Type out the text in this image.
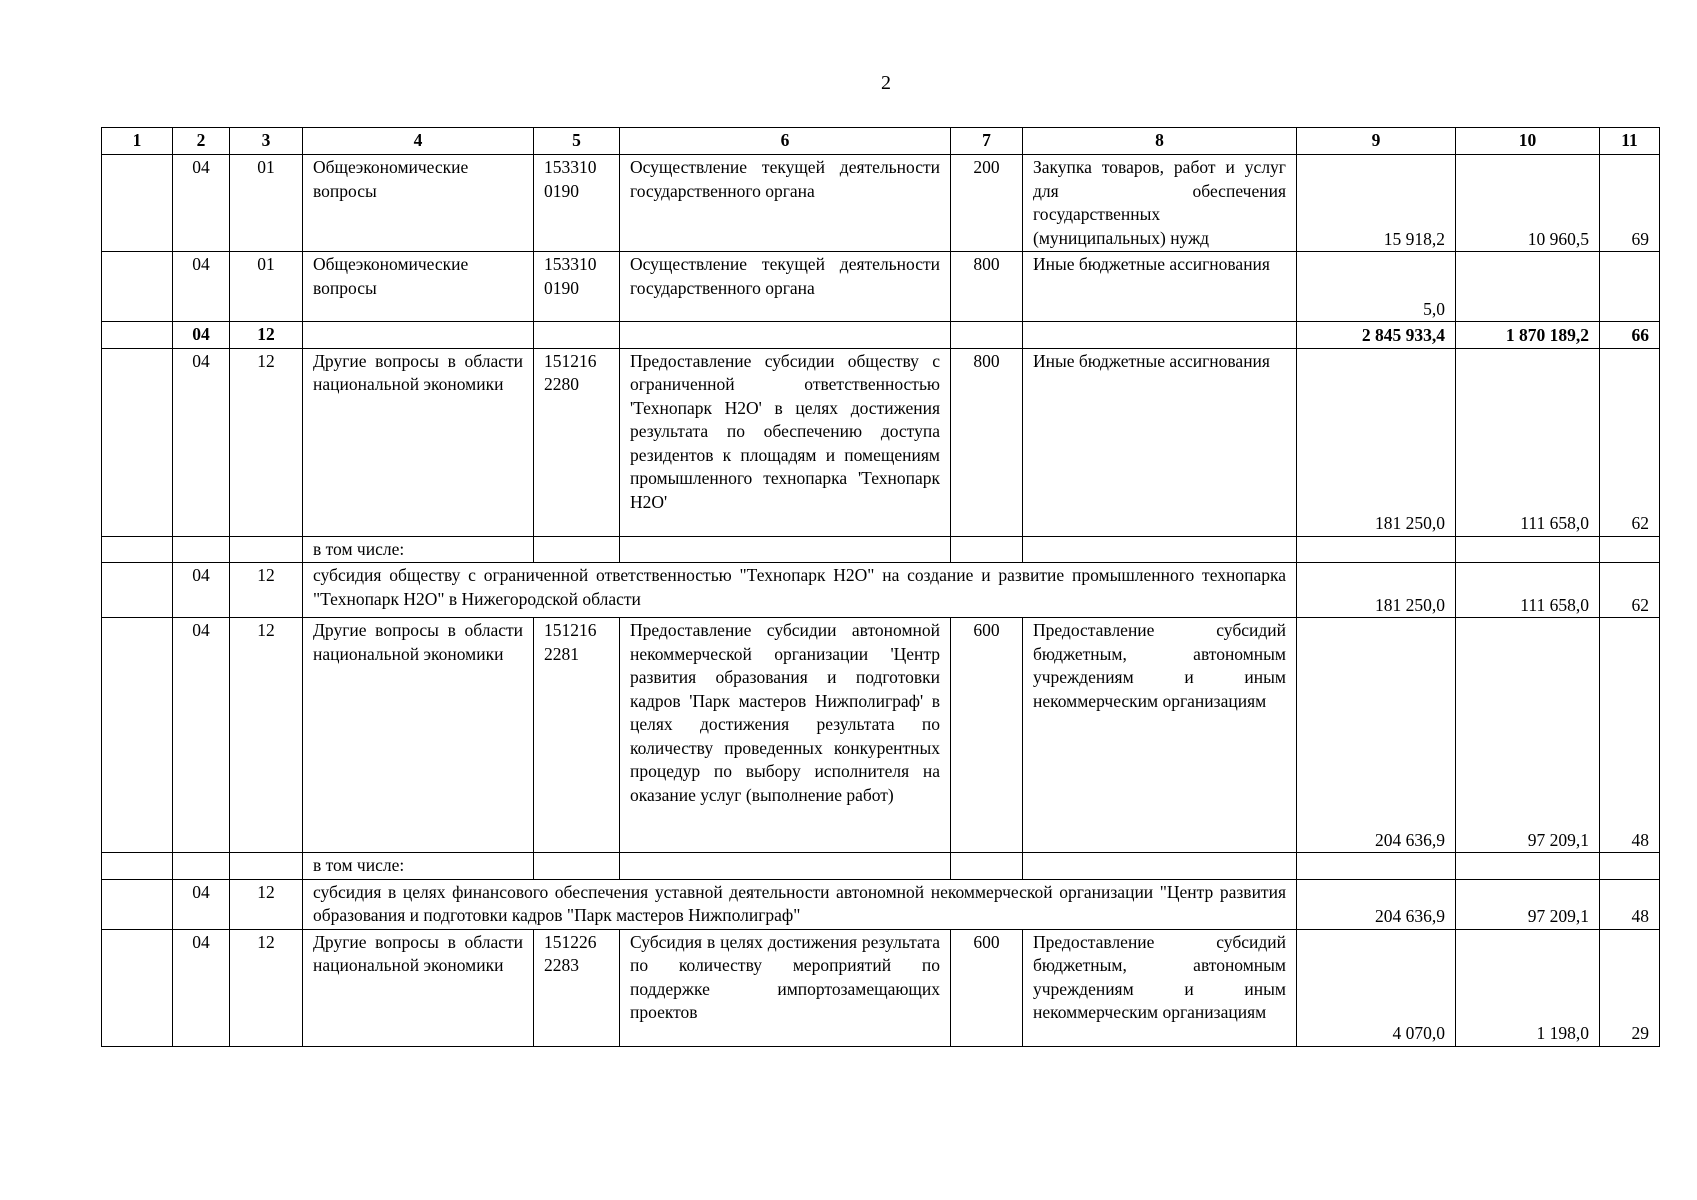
2
1	2	3	4	5	6	7	8	9	10	11
	04	01	Общеэкономические вопросы	153310 0190	Осуществление текущей деятельности государственного органа	200	Закупка товаров, работ и услуг для обеспечения государственных (муниципальных) нужд	15 918,2	10 960,5	69
	04	01	Общеэкономические вопросы	153310 0190	Осуществление текущей деятельности государственного органа	800	Иные бюджетные ассигнования	5,0		
	04	12						2 845 933,4	1 870 189,2	66
	04	12	Другие вопросы в области национальной экономики	151216 2280	Предоставление субсидии обществу с ограниченной ответственностью 'Технопарк Н2О' в целях достижения результата по обеспечению доступа резидентов к площадям и помещениям промышленного технопарка 'Технопарк Н2О'	800	Иные бюджетные ассигнования	181 250,0	111 658,0	62
			в том числе:							
	04	12	субсидия обществу с ограниченной ответственностью "Технопарк Н2О" на создание и развитие промышленного технопарка "Технопарк Н2О" в Нижегородской области					181 250,0	111 658,0	62
	04	12	Другие вопросы в области национальной экономики	151216 2281	Предоставление субсидии автономной некоммерческой организации 'Центр развития образования и подготовки кадров 'Парк мастеров Нижполиграф' в целях достижения результата по количеству проведенных конкурентных процедур по выбору исполнителя на оказание услуг (выполнение работ)	600	Предоставление субсидий бюджетным, автономным учреждениям и иным некоммерческим организациям	204 636,9	97 209,1	48
			в том числе:							
	04	12	субсидия в целях финансового обеспечения уставной деятельности автономной некоммерческой организации "Центр развития образования и подготовки кадров "Парк мастеров Нижполиграф"					204 636,9	97 209,1	48
	04	12	Другие вопросы в области национальной экономики	151226 2283	Субсидия в целях достижения результата по количеству мероприятий по поддержке импортозамещающих проектов	600	Предоставление субсидий бюджетным, автономным учреждениям и иным некоммерческим организациям	4 070,0	1 198,0	29
